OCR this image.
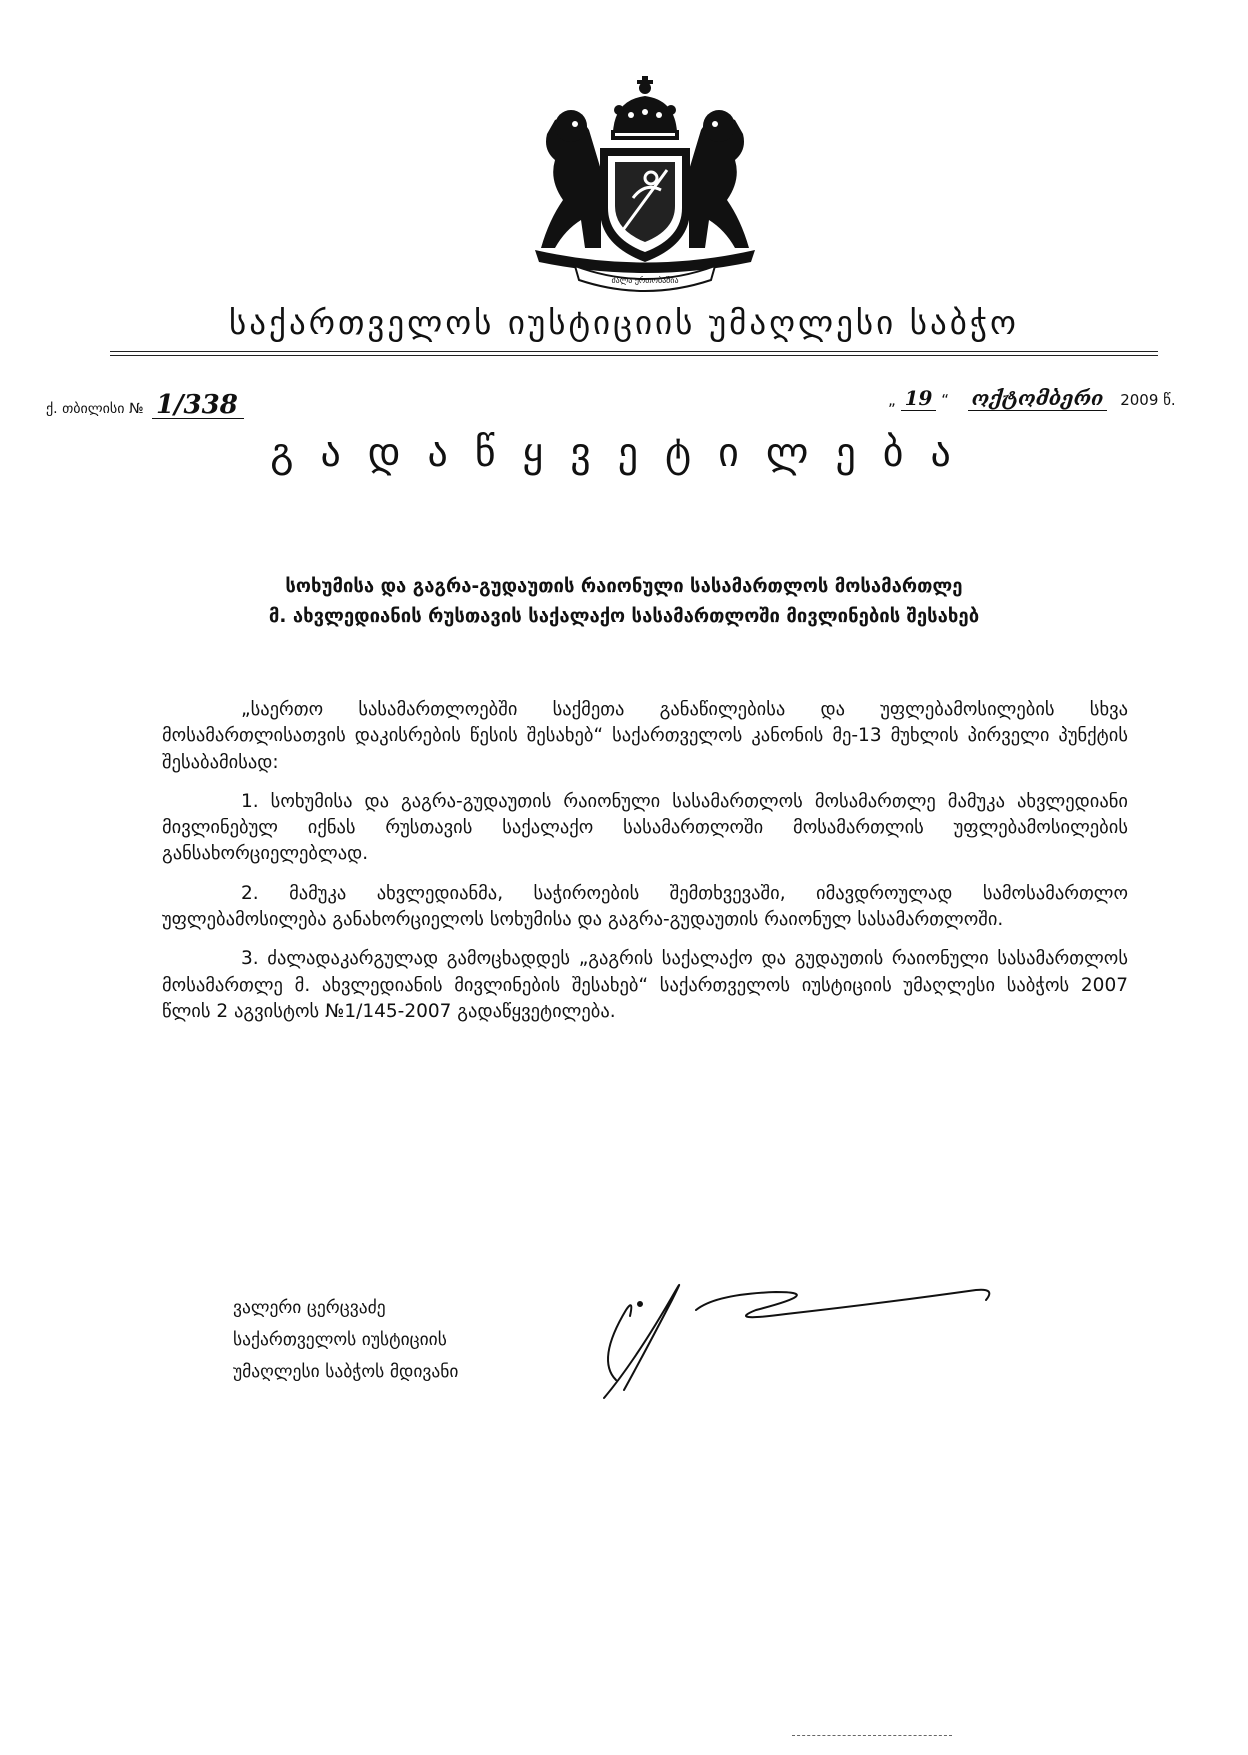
ძალა ერთობაშია
საქართველოს იუსტიციის უმაღლესი საბჭო
ქ. თბილისი № 1/338	„ 19 “ ოქტომბერი 2009 წ.
გადაწყვეტილება
სოხუმისა და გაგრა-გუდაუთის რაიონული სასამართლოს მოსამართლე
მ. ახვლედიანის რუსთავის საქალაქო სასამართლოში მივლინების შესახებ

„საერთო სასამართლოებში საქმეთა განაწილებისა და უფლებამოსილების სხვა მოსამართლისათვის დაკისრების წესის შესახებ“ საქართველოს კანონის მე-13 მუხლის პირველი პუნქტის შესაბამისად:

1. სოხუმისა და გაგრა-გუდაუთის რაიონული სასამართლოს მოსამართლე მამუკა ახვლედიანი მივლინებულ იქნას რუსთავის საქალაქო სასამართლოში მოსამართლის უფლებამოსილების განსახორციელებლად.

2. მამუკა ახვლედიანმა, საჭიროების შემთხვევაში, იმავდროულად სამოსამართლო უფლებამოსილება განახორციელოს სოხუმისა და გაგრა-გუდაუთის რაიონულ სასამართლოში.

3. ძალადაკარგულად გამოცხადდეს „გაგრის საქალაქო და გუდაუთის რაიონული სასამართლოს მოსამართლე მ. ახვლედიანის მივლინების შესახებ“ საქართველოს იუსტიციის უმაღლესი საბჭოს 2007 წლის 2 აგვისტოს №1/145-2007 გადაწყვეტილება.

ვალერი ცერცვაძე
საქართველოს იუსტიციის
უმაღლესი საბჭოს მდივანი
